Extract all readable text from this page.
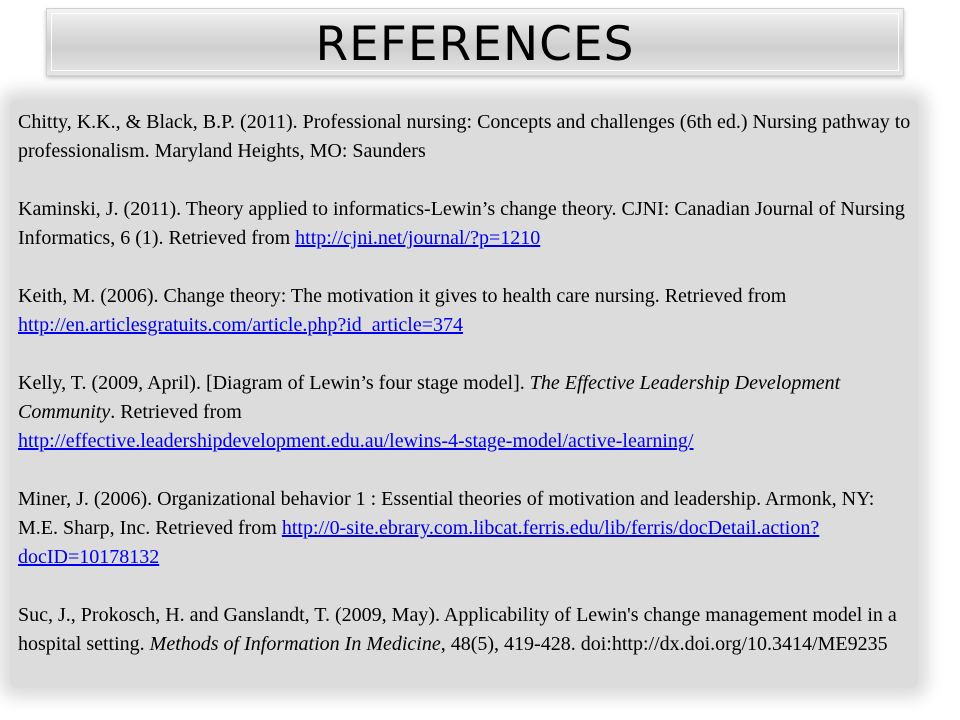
REFERENCES

Chitty, K.K., & Black, B.P. (2011). Professional nursing: Concepts and challenges (6th ed.) Nursing pathway to professionalism. Maryland Heights, MO: Saunders

Kaminski, J. (2011). Theory applied to informatics-Lewin’s change theory. CJNI: Canadian Journal of Nursing Informatics, 6 (1). Retrieved from http://cjni.net/journal/?p=1210

Keith, M. (2006). Change theory: The motivation it gives to health care nursing. Retrieved from http://en.articlesgratuits.com/article.php?id_article=374

Kelly, T. (2009, April). [Diagram of Lewin’s four stage model]. The Effective Leadership Development Community. Retrieved from
http://effective.leadershipdevelopment.edu.au/lewins-4-stage-model/active-learning/

Miner, J. (2006). Organizational behavior 1 : Essential theories of motivation and leadership. Armonk, NY: M.E. Sharp, Inc. Retrieved from http://0-site.ebrary.com.libcat.ferris.edu/lib/ferris/docDetail.action?docID=10178132

Suc, J., Prokosch, H. and Ganslandt, T. (2009, May). Applicability of Lewin's change management model in a hospital setting. Methods of Information In Medicine, 48(5), 419-428. doi:http://dx.doi.org/10.3414/ME9235
